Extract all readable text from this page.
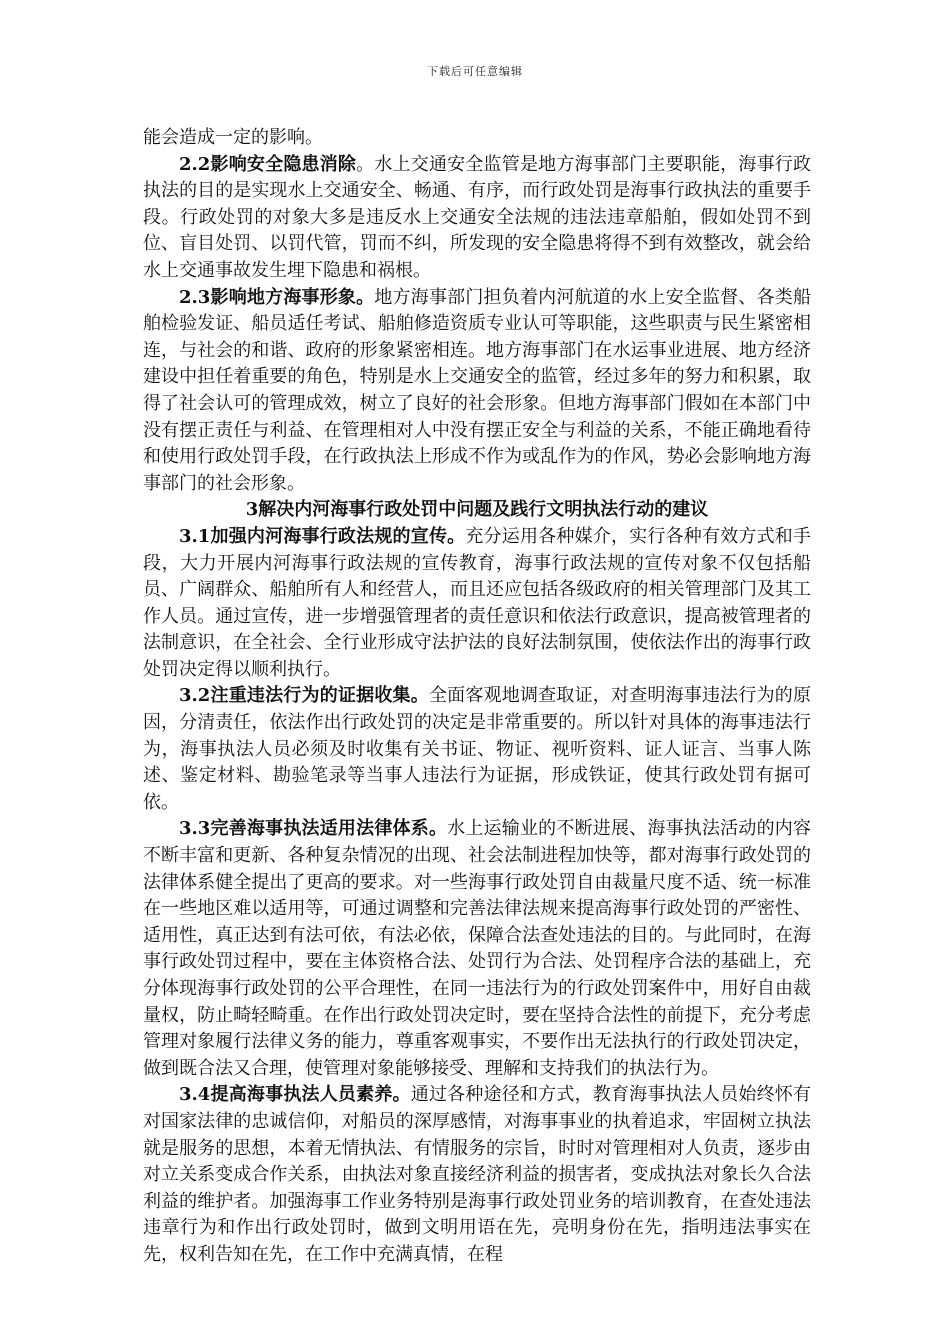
下载后可任意编辑

能会造成一定的影响。

2.2影响安全隐患消除。水上交通安全监管是地方海事部门主要职能，海事行政执法的目的是实现水上交通安全、畅通、有序，而行政处罚是海事行政执法的重要手段。行政处罚的对象大多是违反水上交通安全法规的违法违章船舶，假如处罚不到位、盲目处罚、以罚代管，罚而不纠，所发现的安全隐患将得不到有效整改，就会给水上交通事故发生埋下隐患和祸根。

2.3影响地方海事形象。地方海事部门担负着内河航道的水上安全监督、各类船舶检验发证、船员适任考试、船舶修造资质专业认可等职能，这些职责与民生紧密相连，与社会的和谐、政府的形象紧密相连。地方海事部门在水运事业进展、地方经济建设中担任着重要的角色，特别是水上交通安全的监管，经过多年的努力和积累，取得了社会认可的管理成效，树立了良好的社会形象。但地方海事部门假如在本部门中没有摆正责任与利益、在管理相对人中没有摆正安全与利益的关系，不能正确地看待和使用行政处罚手段，在行政执法上形成不作为或乱作为的作风，势必会影响地方海事部门的社会形象。

3解决内河海事行政处罚中问题及践行文明执法行动的建议

3.1加强内河海事行政法规的宣传。充分运用各种媒介，实行各种有效方式和手段，大力开展内河海事行政法规的宣传教育，海事行政法规的宣传对象不仅包括船员、广阔群众、船舶所有人和经营人，而且还应包括各级政府的相关管理部门及其工作人员。通过宣传，进一步增强管理者的责任意识和依法行政意识，提高被管理者的法制意识，在全社会、全行业形成守法护法的良好法制氛围，使依法作出的海事行政处罚决定得以顺利执行。

3.2注重违法行为的证据收集。全面客观地调查取证，对查明海事违法行为的原因，分清责任，依法作出行政处罚的决定是非常重要的。所以针对具体的海事违法行为，海事执法人员必须及时收集有关书证、物证、视听资料、证人证言、当事人陈述、鉴定材料、勘验笔录等当事人违法行为证据，形成铁证，使其行政处罚有据可依。

3.3完善海事执法适用法律体系。水上运输业的不断进展、海事执法活动的内容不断丰富和更新、各种复杂情况的出现、社会法制进程加快等，都对海事行政处罚的法律体系健全提出了更高的要求。对一些海事行政处罚自由裁量尺度不适、统一标准在一些地区难以适用等，可通过调整和完善法律法规来提高海事行政处罚的严密性、适用性，真正达到有法可依，有法必依，保障合法查处违法的目的。与此同时，在海事行政处罚过程中，要在主体资格合法、处罚行为合法、处罚程序合法的基础上，充分体现海事行政处罚的公平合理性，在同一违法行为的行政处罚案件中，用好自由裁量权，防止畸轻畸重。在作出行政处罚决定时，要在坚持合法性的前提下，充分考虑管理对象履行法律义务的能力，尊重客观事实，不要作出无法执行的行政处罚决定，做到既合法又合理，使管理对象能够接受、理解和支持我们的执法行为。

3.4提高海事执法人员素养。通过各种途径和方式，教育海事执法人员始终怀有对国家法律的忠诚信仰，对船员的深厚感情，对海事事业的执着追求，牢固树立执法就是服务的思想，本着无情执法、有情服务的宗旨，时时对管理相对人负责，逐步由对立关系变成合作关系，由执法对象直接经济利益的损害者，变成执法对象长久合法利益的维护者。加强海事工作业务特别是海事行政处罚业务的培训教育，在查处违法违章行为和作出行政处罚时，做到文明用语在先，亮明身份在先，指明违法事实在先，权利告知在先，在工作中充满真情，在程
